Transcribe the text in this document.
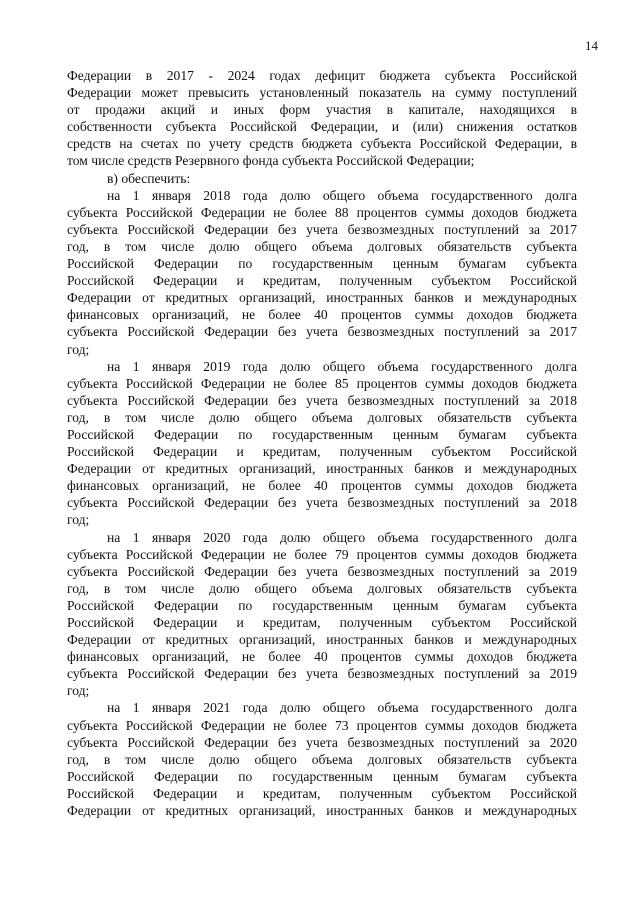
14
Федерации в 2017 - 2024 годах дефицит бюджета субъекта Российской
Федерации может превысить установленный показатель на сумму поступлений
от продажи акций и иных форм участия в капитале, находящихся в
собственности субъекта Российской Федерации, и (или) снижения остатков
средств на счетах по учету средств бюджета субъекта Российской Федерации, в
том числе средств Резервного фонда субъекта Российской Федерации;
в) обеспечить:
на 1 января 2018 года долю общего объема государственного долга
субъекта Российской Федерации не более 88 процентов суммы доходов бюджета
субъекта Российской Федерации без учета безвозмездных поступлений за 2017
год, в том числе долю общего объема долговых обязательств субъекта
Российской Федерации по государственным ценным бумагам субъекта
Российской Федерации и кредитам, полученным субъектом Российской
Федерации от кредитных организаций, иностранных банков и международных
финансовых организаций, не более 40 процентов суммы доходов бюджета
субъекта Российской Федерации без учета безвозмездных поступлений за 2017
год;
на 1 января 2019 года долю общего объема государственного долга
субъекта Российской Федерации не более 85 процентов суммы доходов бюджета
субъекта Российской Федерации без учета безвозмездных поступлений за 2018
год, в том числе долю общего объема долговых обязательств субъекта
Российской Федерации по государственным ценным бумагам субъекта
Российской Федерации и кредитам, полученным субъектом Российской
Федерации от кредитных организаций, иностранных банков и международных
финансовых организаций, не более 40 процентов суммы доходов бюджета
субъекта Российской Федерации без учета безвозмездных поступлений за 2018
год;
на 1 января 2020 года долю общего объема государственного долга
субъекта Российской Федерации не более 79 процентов суммы доходов бюджета
субъекта Российской Федерации без учета безвозмездных поступлений за 2019
год, в том числе долю общего объема долговых обязательств субъекта
Российской Федерации по государственным ценным бумагам субъекта
Российской Федерации и кредитам, полученным субъектом Российской
Федерации от кредитных организаций, иностранных банков и международных
финансовых организаций, не более 40 процентов суммы доходов бюджета
субъекта Российской Федерации без учета безвозмездных поступлений за 2019
год;
на 1 января 2021 года долю общего объема государственного долга
субъекта Российской Федерации не более 73 процентов суммы доходов бюджета
субъекта Российской Федерации без учета безвозмездных поступлений за 2020
год, в том числе долю общего объема долговых обязательств субъекта
Российской Федерации по государственным ценным бумагам субъекта
Российской Федерации и кредитам, полученным субъектом Российской
Федерации от кредитных организаций, иностранных банков и международных
